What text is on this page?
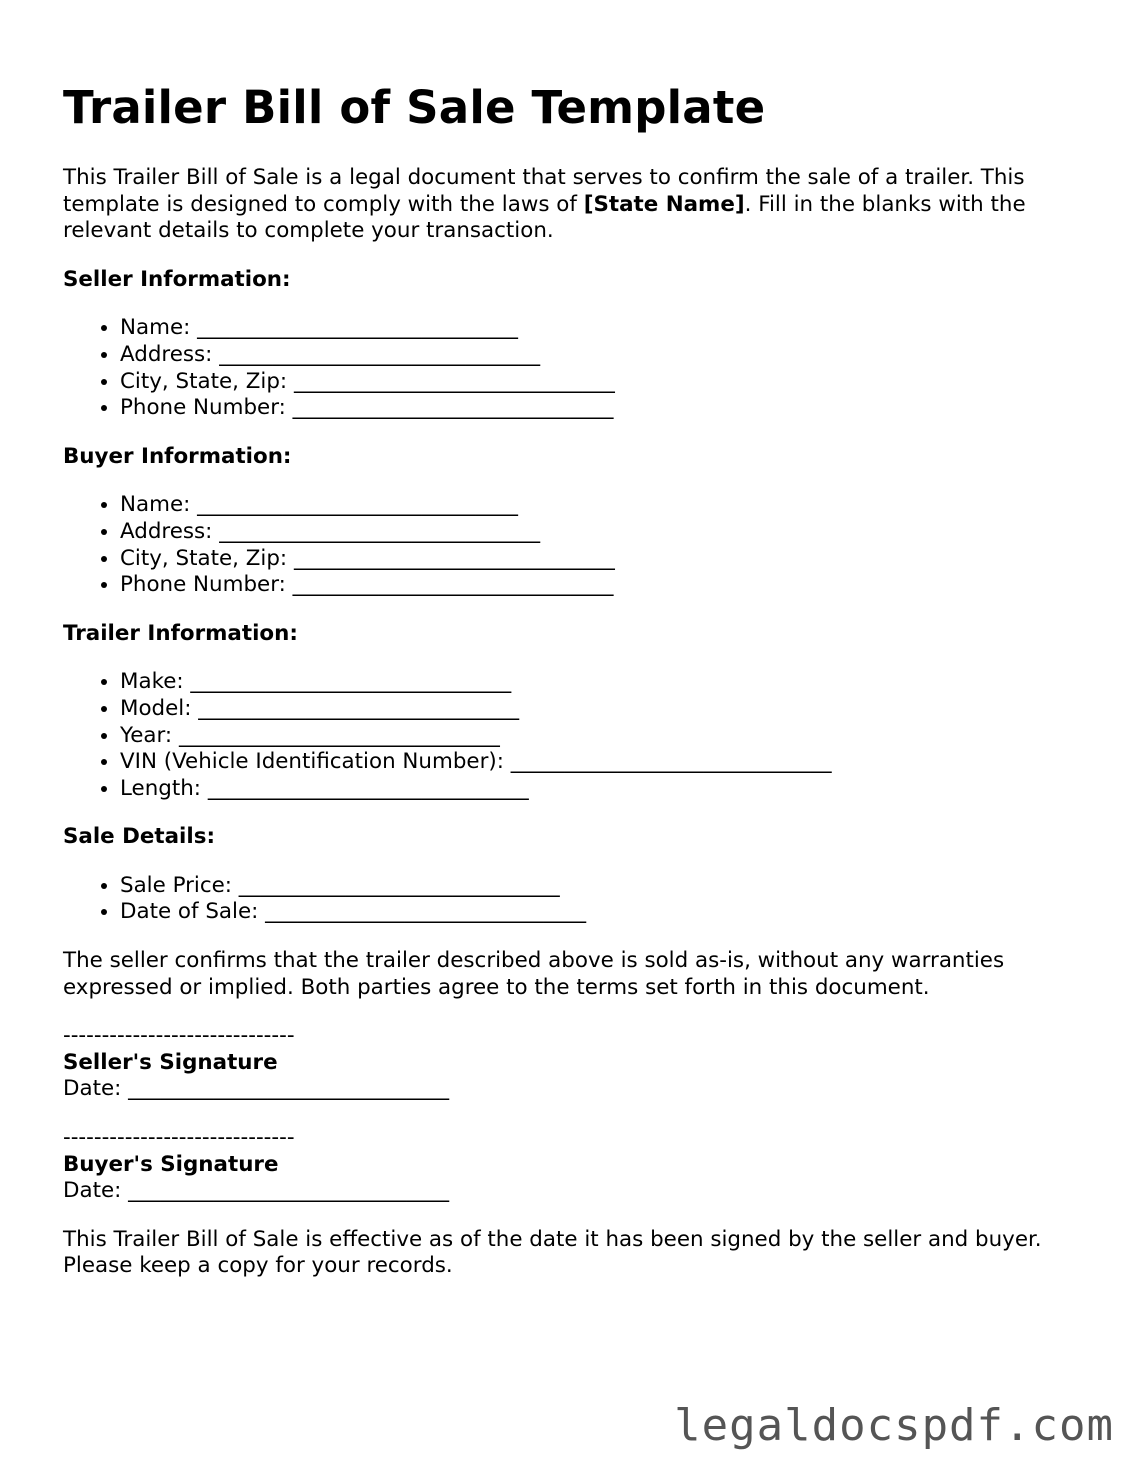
Trailer Bill of Sale Template

This Trailer Bill of Sale is a legal document that serves to confirm the sale of a trailer. This template is designed to comply with the laws of [State Name]. Fill in the blanks with the relevant details to complete your transaction.

Seller Information:

• Name: ______________________________
• Address: ______________________________
• City, State, Zip: ______________________________
• Phone Number: ______________________________

Buyer Information:

• Name: ______________________________
• Address: ______________________________
• City, State, Zip: ______________________________
• Phone Number: ______________________________

Trailer Information:

• Make: ______________________________
• Model: ______________________________
• Year: ______________________________
• VIN (Vehicle Identification Number): ______________________________
• Length: ______________________________

Sale Details:

• Sale Price: ______________________________
• Date of Sale: ______________________________

The seller confirms that the trailer described above is sold as-is, without any warranties expressed or implied. Both parties agree to the terms set forth in this document.

------------------------------
Seller's Signature
Date: ______________________________
------------------------------
Buyer's Signature
Date: ______________________________

This Trailer Bill of Sale is effective as of the date it has been signed by the seller and buyer. Please keep a copy for your records.

legaldocspdf.com
